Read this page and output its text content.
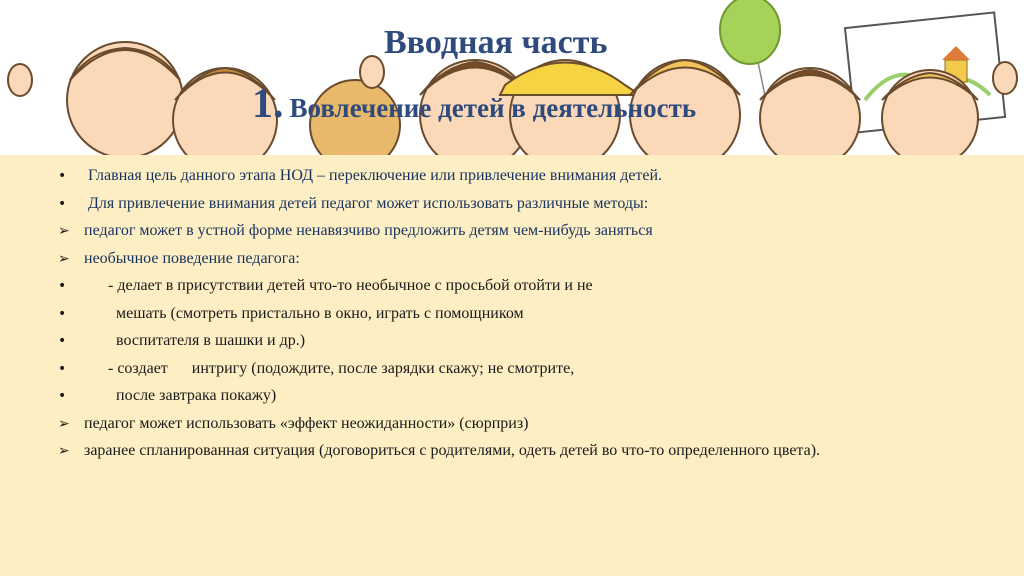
Вводная часть
1. Вовлечение детей в деятельность
•	Главная цель данного этапа НОД – переключение или привлечение внимания детей.
•	Для привлечение внимания детей педагог может использовать различные методы:
➢ педагог может в устной форме ненавязчиво предложить детям чем-нибудь заняться
➢ необычное поведение педагога:
•	- делает в присутствии детей что-то необычное с просьбой отойти и не
•	мешать (смотреть пристально в окно, играть с помощником
•	воспитателя в шашки и др.)
•	- создает      интригу (подождите, после зарядки скажу; не смотрите,
•	после завтрака покажу)
➢ педагог может использовать «эффект неожиданности» (сюрприз)
➢ заранее спланированная ситуация (договориться с родителями, одеть детей во что-то определенного цвета).
